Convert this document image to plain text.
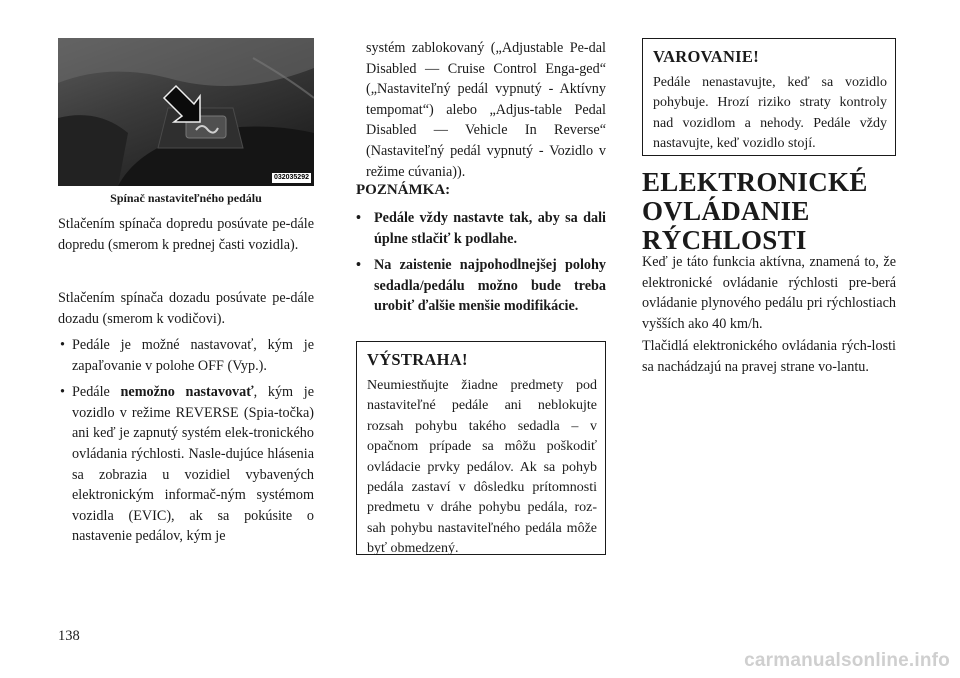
032035292
Spínač nastaviteľného pedálu

Stlačením spínača dopredu posúvate pe-dále dopredu (smerom k prednej časti vozidla).

Stlačením spínača dozadu posúvate pe-dále dozadu (smerom k vodičovi).

• Pedále je možné nastavovať, kým je zapaľovanie v polohe OFF (Vyp.).
• Pedále nemožno nastavovať, kým je vozidlo v režime REVERSE (Spia-točka) ani keď je zapnutý systém elek-tronického ovládania rýchlosti. Nasle-dujúce hlásenia sa zobrazia u vozidiel vybavených elektronickým informač-ným systémom vozidla (EVIC), ak sa pokúsite o nastavenie pedálov, kým je

systém zablokovaný („Adjustable Pe-dal Disabled — Cruise Control Enga-ged“ („Nastaviteľný pedál vypnutý - Aktívny tempomat“) alebo „Adjus-table Pedal Disabled — Vehicle In Reverse“ (Nastaviteľný pedál vypnutý - Vozidlo v režime cúvania)).

POZNÁMKA:
• Pedále vždy nastavte tak, aby sa dali úplne stlačiť k podlahe.
• Na zaistenie najpohodlnejšej polohy sedadla/pedálu možno bude treba urobiť ďalšie menšie modifikácie.
VÝSTRAHA!

Neumiestňujte žiadne predmety pod nastaviteľné pedále ani neblokujte rozsah pohybu takého sedadla – v opačnom prípade sa môžu poškodiť ovládacie prvky pedálov. Ak sa pohyb pedála zastaví v dôsledku prítomnosti predmetu v dráhe pohybu pedála, roz-sah pohybu nastaviteľného pedála môže byť obmedzený.

VAROVANIE!

Pedále nenastavujte, keď sa vozidlo pohybuje. Hrozí riziko straty kontroly nad vozidlom a nehody. Pedále vždy nastavujte, keď vozidlo stojí.

ELEKTRONICKÉ OVLÁDANIE RÝCHLOSTI

Keď je táto funkcia aktívna, znamená to, že elektronické ovládanie rýchlosti pre-berá ovládanie plynového pedálu pri rýchlostiach vyšších ako 40 km/h.

Tlačidlá elektronického ovládania rých-losti sa nachádzajú na pravej strane vo-lantu.

138
carmanualsonline.info
